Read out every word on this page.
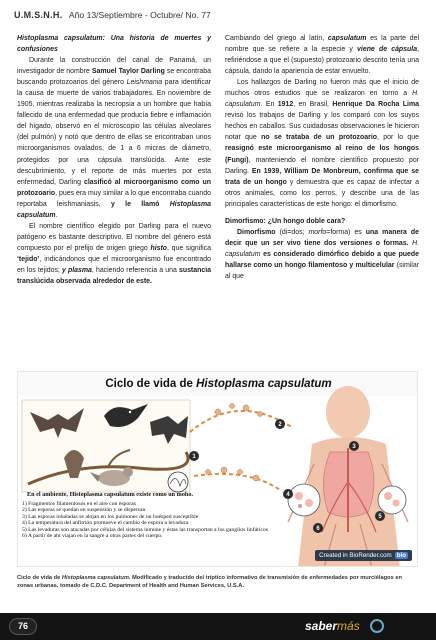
U.M.S.N.H. Año 13/Septiembre - Octubre/ No. 77

Histoplasma capsulatum: Una historia de muertes y confusiones

Durante la construcción del canal de Panamá, un investigador de nombre Samuel Taylor Darling se encontraba buscando protozoarios del género Leishmania para identificar la causa de muerte de varios trabajadores. En noviembre de 1905, mientras realizaba la necropsia a un hombre que había fallecido de una enfermedad que producía fiebre e inflamación del hígado, observó en el microscopio las células alveolares (del pulmón) y notó que dentro de ellas se encontraban unos microorganismos ovalados, de 1 a 6 micras de diámetro, protegidos por una cápsula translúcida. Ante este descubrimiento, y el reporte de más muertes por esta enfermedad, Darling clasificó al microorganismo como un protozoario, pues era muy similar a lo que encontraba cuando reportaba leishmaniasis, y le llamó Histoplasma capsulatum.

El nombre científico elegido por Darling para el nuevo patógeno es bastante descriptivo. El nombre del género está compuesto por el prefijo de origen griego histo, que significa ‘tejido’, indicándonos que el microorganismo fue encontrado en los tejidos; y plasma, haciendo referencia a una sustancia translúcida observada alrededor de este.

Cambiando del griego al latín, capsulatum es la parte del nombre que se refiere a la especie y viene de cápsula, refiriéndose a que el (supuesto) protozoario descrito tenía una cápsula, dando la apariencia de estar envuelto.

Los hallazgos de Darling no fueron más que el inicio de muchos otros estudios que se realizaron en torno a H. capsulatum. En 1912, en Brasil, Henrique Da Rocha Lima revisó los trabajos de Darling y los comparó con los suyos hechos en caballos. Sus cuidadosas observaciones le hicieron notar que no se trataba de un protozoario, por lo que reasignó este microorganismo al reino de los hongos (Fungi), manteniendo el nombre científico propuesto por Darling. En 1939, William De Monbreum, confirma que se trata de un hongo y demuestra que es capaz de infectar a otros animales, como los perros, y describe una de las principales características de este hongo: el dimorfismo.

Dimorfismo: ¿Un hongo doble cara?

Dimorfismo (di=dos; morfo=forma) es una manera de decir que un ser vivo tiene dos versiones o formas. H. capsulatum es considerado dimórfico debido a que puede hallarse como un hongo filamentoso y multicelular (similar al que

2
1
3
4
5
6
Ciclo de vida de Histoplasma capsulatum
En el ambiente, Histoplasma capsulatum existe como un moho.
1) Fragmentos filamentosos en el aire con esporas
2) Las esporas se quedan en suspensión y se dispersan
3) Las esporas inhaladas se alojan en los pulmones de un huésped susceptible
4) La temperatura del anfitrión promueve el cambio de espora a levadura.
5) Las levaduras son atacadas por células del sistema inmune y éstas las transportan a los ganglios linfáticos
6) A partir de ahí viajan en la sangre a otras partes del cuerpo.
Created in BioRender.com bio
Ciclo de vida de Histoplasma capsulatum. Modificado y traducido del tríptico informativo de transmisión de enfermedades por murciélagos en zonas urbanas, tomado de C.D.C. Department of Health and Human Services, U.S.A.
76	sabermás
